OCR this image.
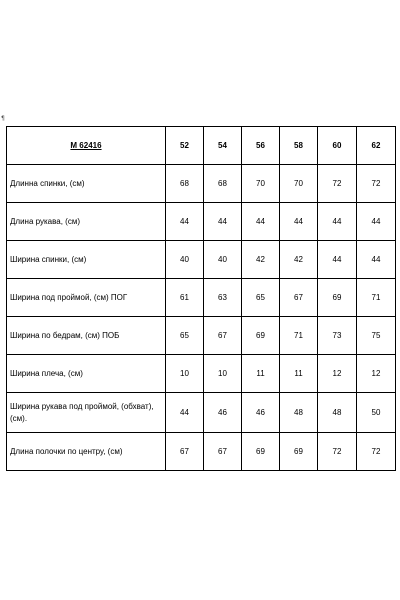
¶
М 62416	52	54	56	58	60	62
Длинна спинки, (см)	68	68	70	70	72	72
Длина рукава, (см)	44	44	44	44	44	44
Ширина спинки, (см)	40	40	42	42	44	44
Ширина под проймой, (см) ПОГ	61	63	65	67	69	71
Ширина по бедрам, (см) ПОБ	65	67	69	71	73	75
Ширина плеча, (см)	10	10	11	11	12	12
Ширина рукава под проймой, (обхват), (см).	44	46	46	48	48	50
Длина полочки по центру, (см)	67	67	69	69	72	72
